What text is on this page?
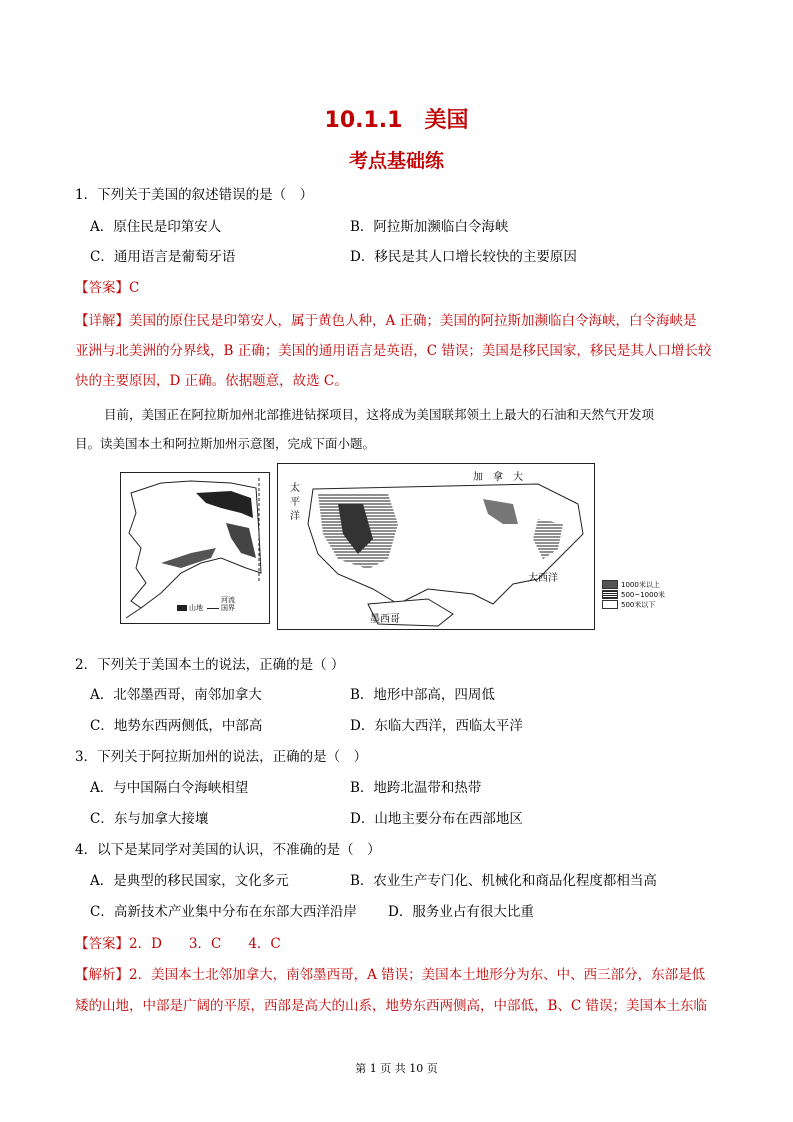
10.1.1　美国
考点基础练
1．下列关于美国的叙述错误的是（　）
A．原住民是印第安人	B．阿拉斯加濒临白令海峡
C．通用语言是葡萄牙语	D．移民是其人口增长较快的主要原因
【答案】C
【详解】美国的原住民是印第安人，属于黄色人种，A 正确；美国的阿拉斯加濒临白令海峡，白令海峡是
亚洲与北美洲的分界线，B 正确；美国的通用语言是英语，C 错误；美国是移民国家，移民是其人口增长较
快的主要原因，D 正确。依据题意，故选 C。
目前，美国正在阿拉斯加州北部推进钻探项目，这将成为美国联邦领土上最大的石油和天然气开发项
目。读美国本土和阿拉斯加州示意图，完成下面小题。
山地	国界
河流
加　拿　大
太
平
洋
大西洋
墨西哥
1000米以上
500~1000米
500米以下
2．下列关于美国本土的说法，正确的是（ ）
A．北邻墨西哥，南邻加拿大	B．地形中部高，四周低
C．地势东西两侧低，中部高	D．东临大西洋，西临太平洋
3．下列关于阿拉斯加州的说法，正确的是（　）
A．与中国隔白令海峡相望	B．地跨北温带和热带
C．东与加拿大接壤	D．山地主要分布在西部地区
4．以下是某同学对美国的认识，不准确的是（　）
A．是典型的移民国家，文化多元	B．农业生产专门化、机械化和商品化程度都相当高
C．高新技术产业集中分布在东部大西洋沿岸 D．服务业占有很大比重
【答案】2．D　　3．C　　4．C
【解析】2．美国本土北邻加拿大，南邻墨西哥，A 错误；美国本土地形分为东、中、西三部分，东部是低
矮的山地，中部是广阔的平原，西部是高大的山系，地势东西两侧高，中部低，B、C 错误；美国本土东临
第 1 页 共 10 页
